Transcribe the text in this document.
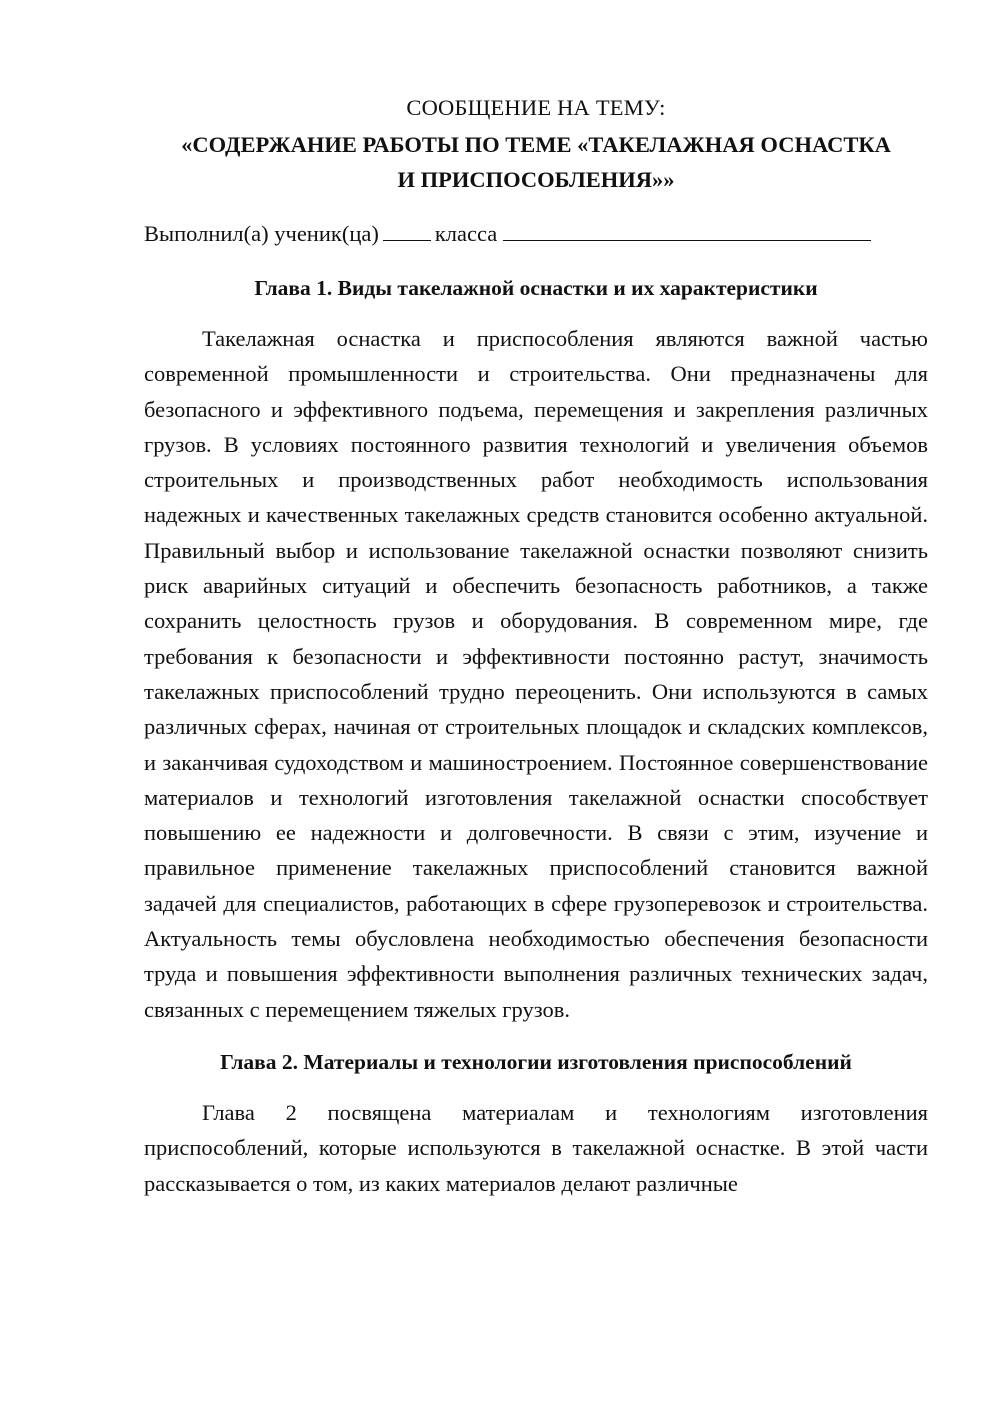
СООБЩЕНИЕ НА ТЕМУ:

«СОДЕРЖАНИЕ РАБОТЫ ПО ТЕМЕ «ТАКЕЛАЖНАЯ ОСНАСТКА

И ПРИСПОСОБЛЕНИЯ»»

Выполнил(а) ученик(ца) класса
Глава 1. Виды такелажной оснастки и их характеристики

Такелажная оснастка и приспособления являются важной частью современной промышленности и строительства. Они предназначены для безопасного и эффективного подъема, перемещения и закрепления различных грузов. В условиях постоянного развития технологий и увеличения объемов строительных и производственных работ необходимость использования надежных и качественных такелажных средств становится особенно актуальной. Правильный выбор и использование такелажной оснастки позволяют снизить риск аварийных ситуаций и обеспечить безопасность работников, а также сохранить целостность грузов и оборудования. В современном мире, где требования к безопасности и эффективности постоянно растут, значимость такелажных приспособлений трудно переоценить. Они используются в самых различных сферах, начиная от строительных площадок и складских комплексов, и заканчивая судоходством и машиностроением. Постоянное совершенствование материалов и технологий изготовления такелажной оснастки способствует повышению ее надежности и долговечности. В связи с этим, изучение и правильное применение такелажных приспособлений становится важной задачей для специалистов, работающих в сфере грузоперевозок и строительства. Актуальность темы обусловлена необходимостью обеспечения безопасности труда и повышения эффективности выполнения различных технических задач, связанных с перемещением тяжелых грузов.

Глава 2. Материалы и технологии изготовления приспособлений

Глава 2 посвящена материалам и технологиям изготовления приспособлений, которые используются в такелажной оснастке. В этой части рассказывается о том, из каких материалов делают различные
